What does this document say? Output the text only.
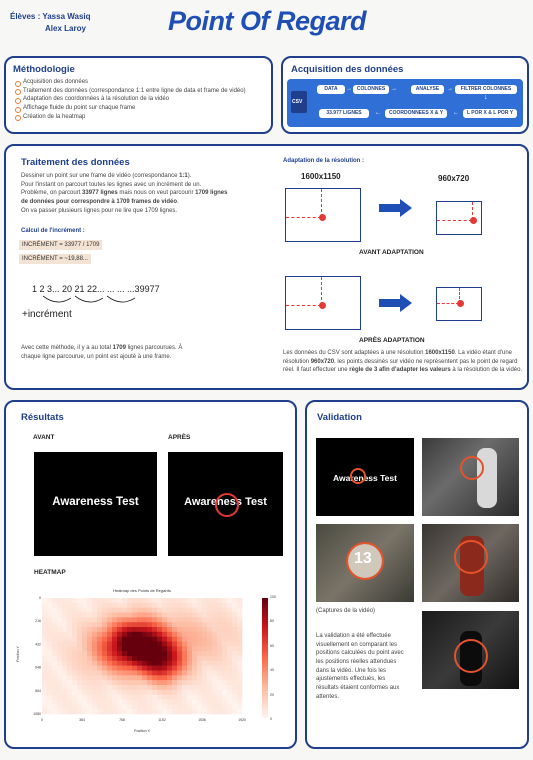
Élèves : Yassa Wasiq
Alex Laroy	Point Of Regard
Méthodologie
Acquisition des données
Traitement des données (correspondance 1:1 entre ligne de data et frame de vidéo)
Adaptation des coordonnées à la résolution de la vidéo
Affichage fluide du point sur chaque frame
Création de la heatmap
Acquisition des données
CSV
DATA	→ COLONNES →	ANALYSE	→	FILTRER COLONNES
↓
L POR X & L POR Y
←
COORDONNEES X & Y
←
33.977 LIGNES
Traitement des données
Dessiner un point sur une frame de vidéo (correspondance 1:1).
Pour l'instant on parcourt toutes les lignes avec un incrément de un.
Problème, on parcourt 33977 lignes mais nous on veut parcourir 1709 lignes de données pour correspondre à 1709 frames de vidéo.
On va passer plusieurs lignes pour ne lire que 1709 lignes.
Calcul de l'incrément :
INCRÉMENT = 33977 / 1709
INCRÉMENT = ~19,88...
1 2 3... 20 21 22... ... ... ...39977
+incrément
Avec cette méthode, il y a au total 1709 lignes parcourues. À chaque ligne parcourue, un point est ajouté à une frame.
Adaptation de la résolution :
1600x1150	960x720
AVANT ADAPTATION
APRÈS ADAPTATION
Les données du CSV sont adaptées à une résolution 1600x1150. La vidéo étant d'une résolution 960x720, les points dessinés sur vidéo ne représentent pas le point de regard réel. Il faut effectuer une règle de 3 afin d'adapter les valeurs à la résolution de la vidéo.
Résultats
AVANT	APRÈS
Awareness Test	Awareness Test
HEATMAP
Heatmap des Points de Regards
Position Y
0	384	768	1152	1536	1920
0
216
432
648
864
1080
100
80
60
40
20
0
Position X
Validation
Awareness Test
13
(Captures de la vidéo)
La validation a été effectuée visuellement en comparant les positions calculées du point avec les positions réelles attendues dans la vidéo. Une fois les ajustements effectués, les résultats étaient conformes aux attentes.
